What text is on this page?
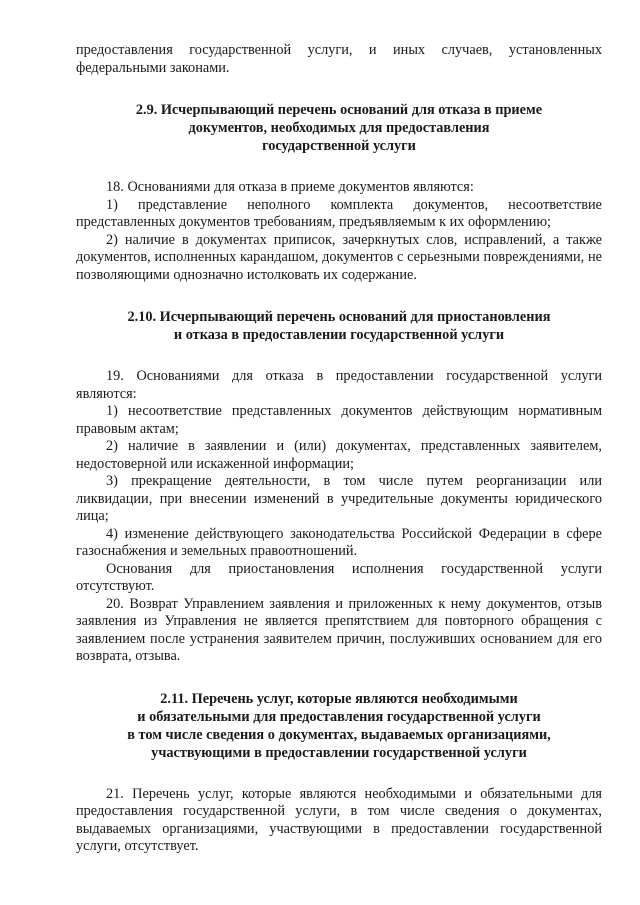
предоставления государственной услуги, и иных случаев, установленных федеральными законами.

2.9. Исчерпывающий перечень оснований для отказа в приеме
документов, необходимых для предоставления
государственной услуги

18. Основаниями для отказа в приеме документов являются:

1) представление неполного комплекта документов, несоответствие представленных документов требованиям, предъявляемым к их оформлению;

2) наличие в документах приписок, зачеркнутых слов, исправлений, а также документов, исполненных карандашом, документов с серьезными повреждениями, не позволяющими однозначно истолковать их содержание.

2.10. Исчерпывающий перечень оснований для приостановления
и отказа в предоставлении государственной услуги

19. Основаниями для отказа в предоставлении государственной услуги являются:

1) несоответствие представленных документов действующим нормативным правовым актам;

2) наличие в заявлении и (или) документах, представленных заявителем, недостоверной или искаженной информации;

3) прекращение деятельности, в том числе путем реорганизации или ликвидации, при внесении изменений в учредительные документы юридического лица;

4) изменение действующего законодательства Российской Федерации в сфере газоснабжения и земельных правоотношений.

Основания для приостановления исполнения государственной услуги отсутствуют.

20. Возврат Управлением заявления и приложенных к нему документов, отзыв заявления из Управления не является препятствием для повторного обращения с заявлением после устранения заявителем причин, послуживших основанием для его возврата, отзыва.

2.11. Перечень услуг, которые являются необходимыми
и обязательными для предоставления государственной услуги
в том числе сведения о документах, выдаваемых организациями,
участвующими в предоставлении государственной услуги

21. Перечень услуг, которые являются необходимыми и обязательными для предоставления государственной услуги, в том числе сведения о документах, выдаваемых организациями, участвующими в предоставлении государственной услуги, отсутствует.
